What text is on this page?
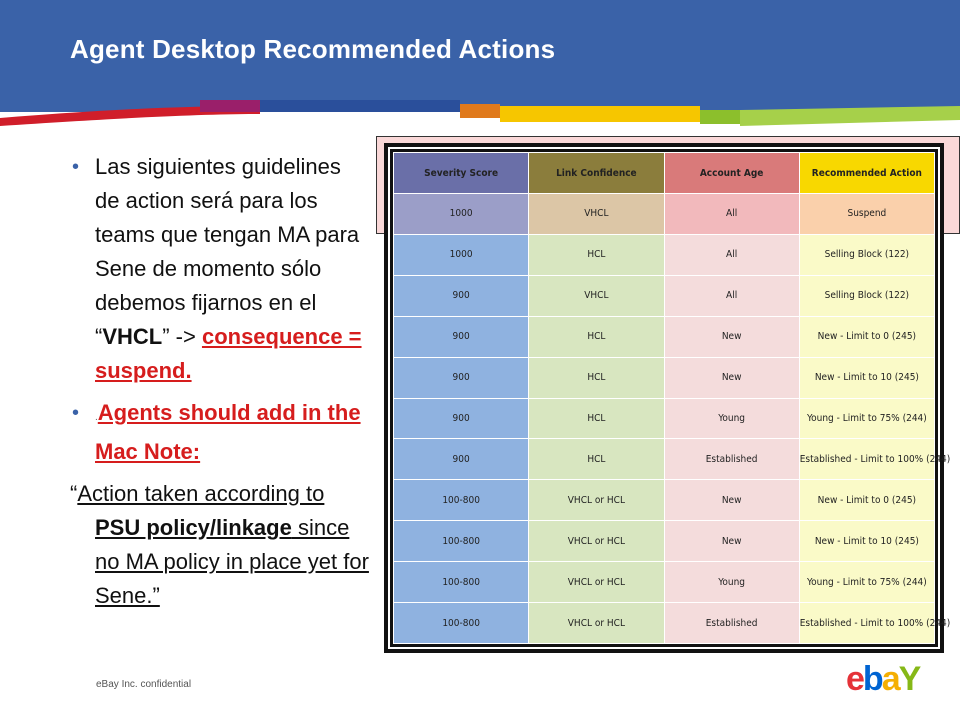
Agent Desktop Recommended Actions
• Las siguientes guidelines de action será para los teams que tengan MA para Sene de momento sólo debemos fijarnos en el “VHCL” -> consequence = suspend.
• .Agents should add in the Mac Note:
“Action taken according to PSU policy/linkage since no MA policy in place yet for Sene.”
eBay Inc. confidential
Severity Score	Link Confidence	Account Age	Recommended Action
1000	VHCL	All	Suspend
1000	HCL	All	Selling Block (122)
900	VHCL	All	Selling Block (122)
900	HCL	New	New - Limit to 0 (245)
900	HCL	New	New - Limit to 10 (245)
900	HCL	Young	Young - Limit to 75% (244)
900	HCL	Established	Established - Limit to 100% (244)
100-800	VHCL or HCL	New	New - Limit to 0 (245)
100-800	VHCL or HCL	New	New - Limit to 10 (245)
100-800	VHCL or HCL	Young	Young - Limit to 75% (244)
100-800	VHCL or HCL	Established	Established - Limit to 100% (244)
ebaY
